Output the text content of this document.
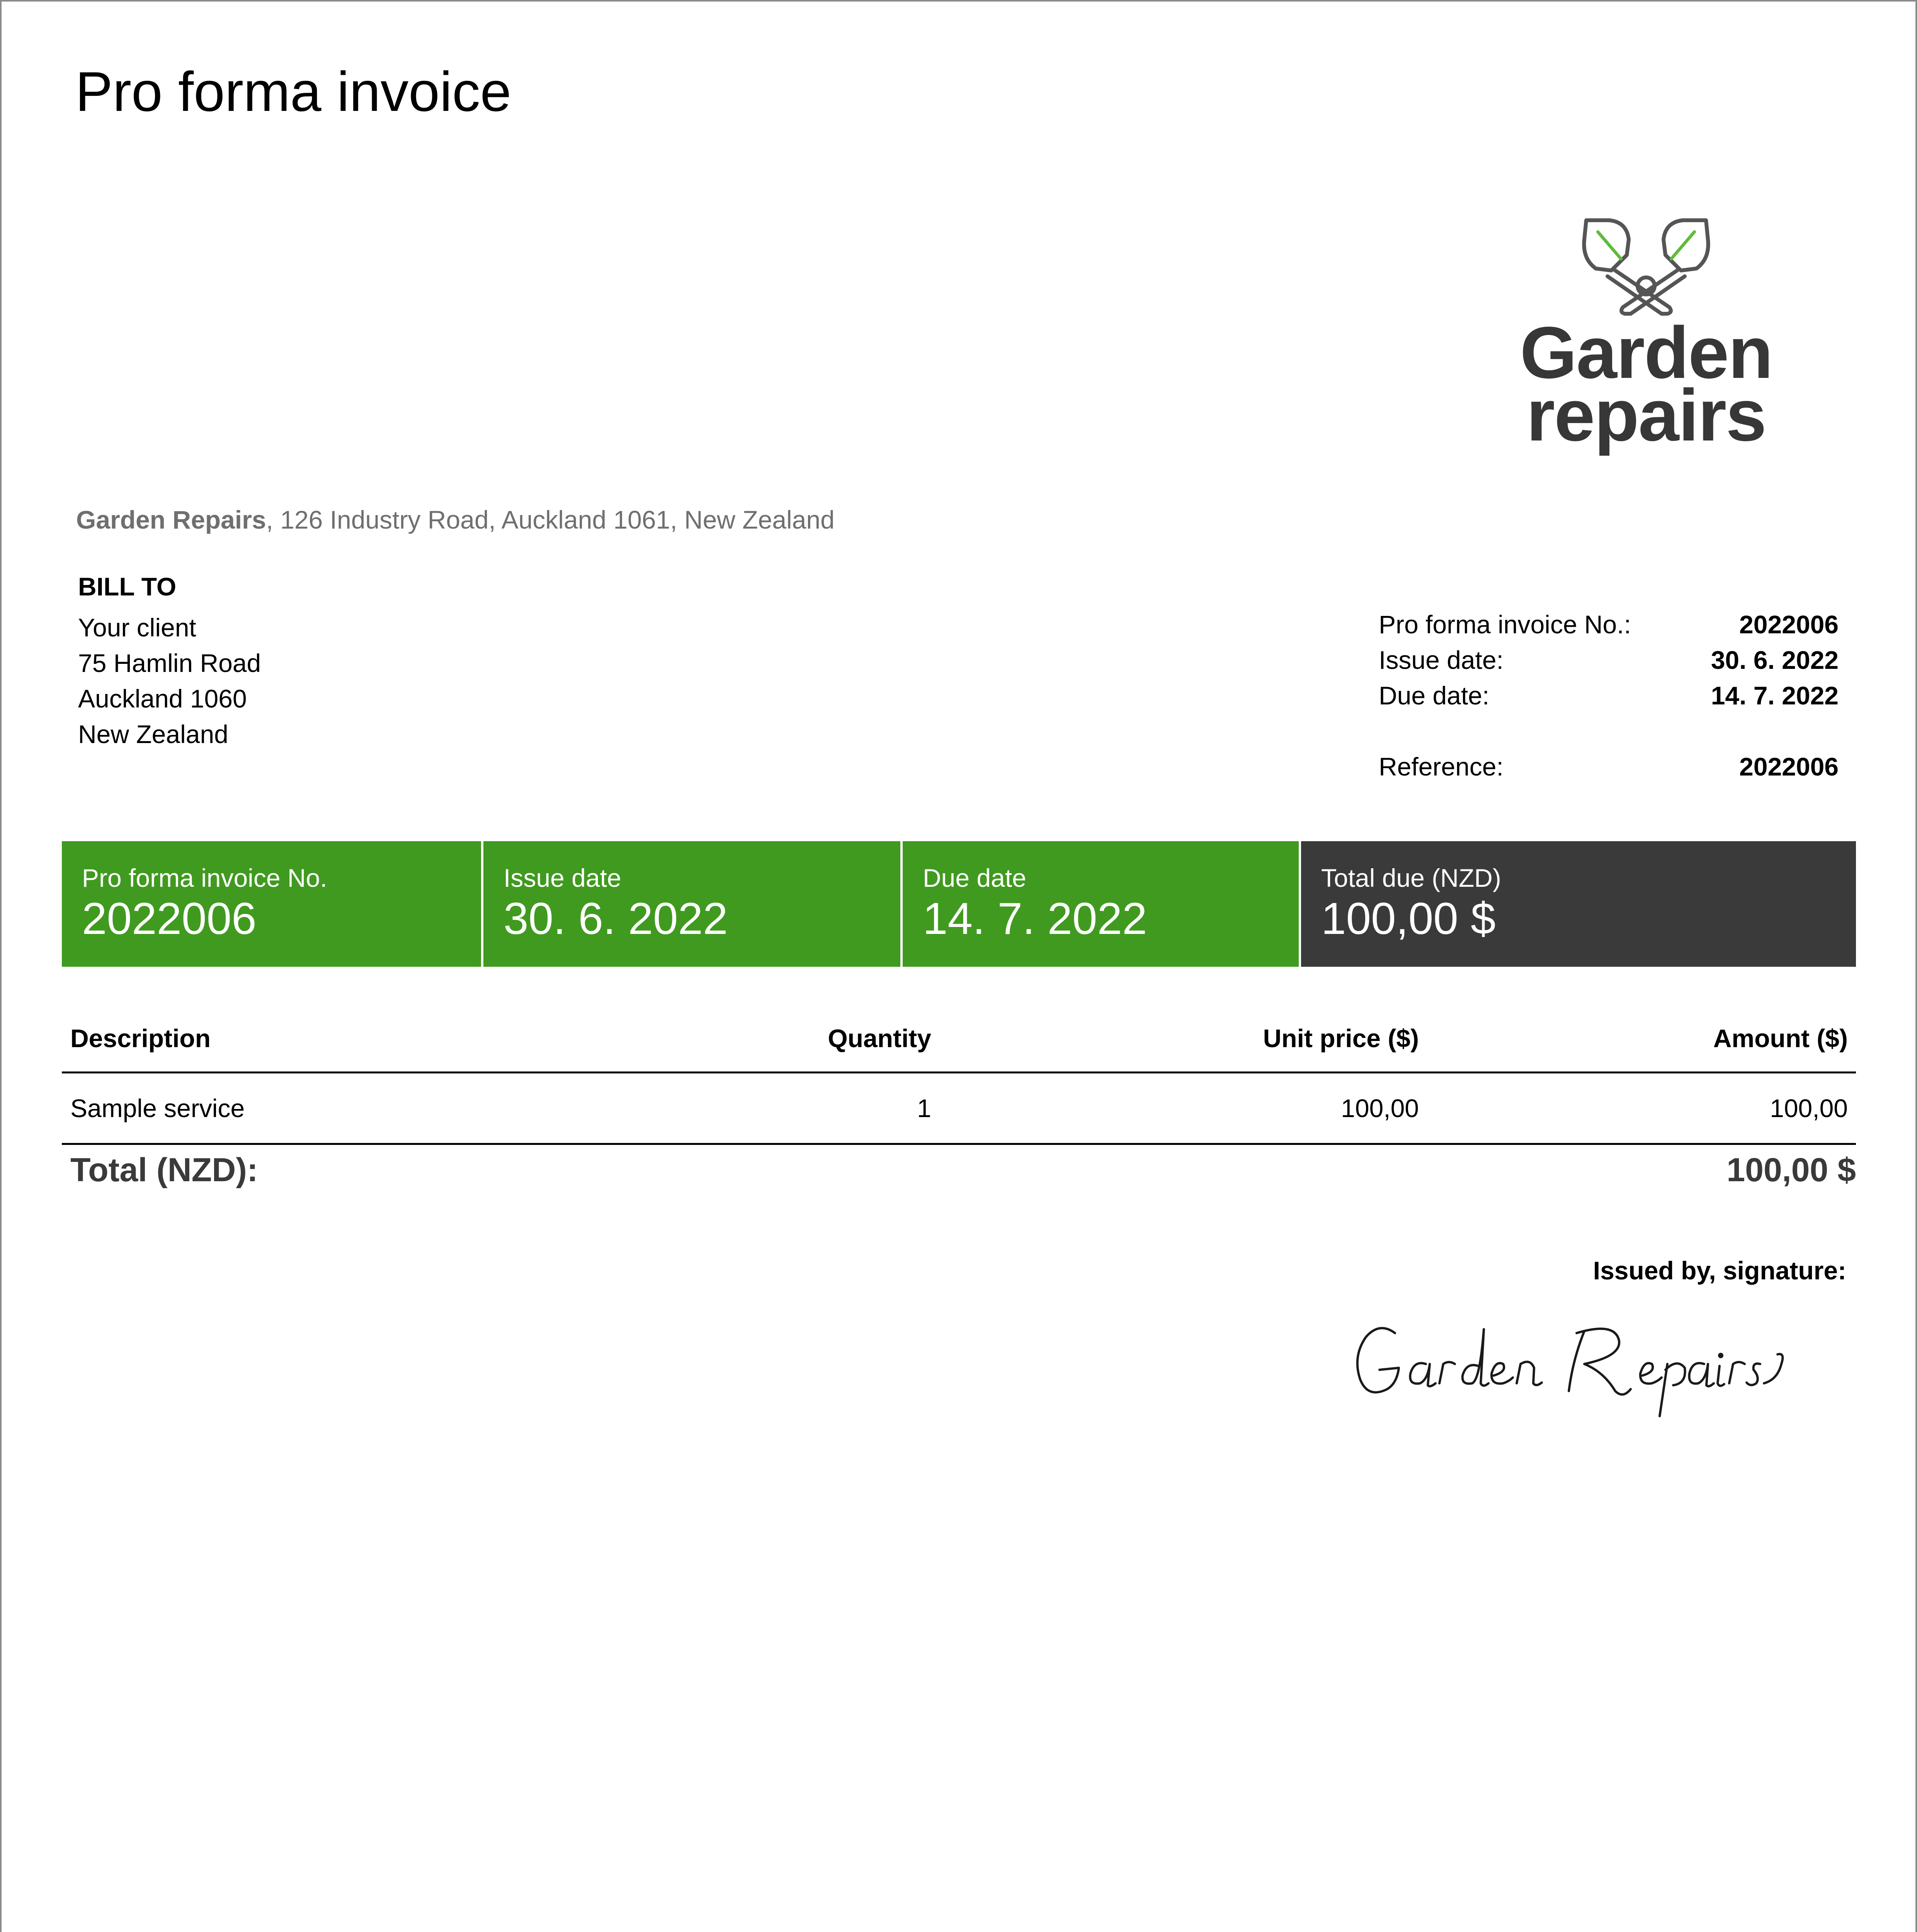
Pro forma invoice
Garden
repairs
Garden Repairs, 126 Industry Road, Auckland 1061, New Zealand
BILL TO
Your client
75 Hamlin Road
Auckland 1060
New Zealand
Pro forma invoice No.:	2022006
Issue date:	30. 6. 2022
Due date:	14. 7. 2022
Reference:	2022006
Pro forma invoice No.
2022006
Issue date
30. 6. 2022
Due date
14. 7. 2022
Total due (NZD)
100,00 $
Description	Quantity	Unit price ($)	Amount ($)
Sample service	1	100,00	100,00
Total (NZD):	100,00 $
Issued by, signature:
